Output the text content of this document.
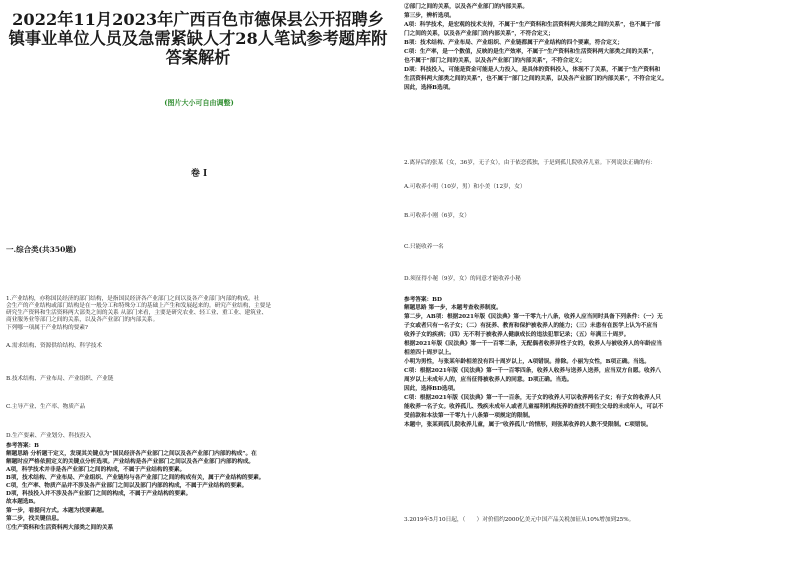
2022年11月2023年广西百色市德保县公开招聘乡镇事业单位人员及急需紧缺人才28人笔试参考题库附答案解析
(图片大小可自由调整)
卷 I
一.综合类(共350题)
1.产业结构，亦称国民经济的部门结构，是指国民经济各产业部门之间以及各产业部门内部的构成。社
会生产的产业结构或部门结构是在一般分工和特殊分工的基础上产生和发展起来的。研究产业结构，主要是
研究生产资料和生活资料两大部类之间的关系 从部门来看，主要是研究农业、轻工业、重工业、建筑业、
商业服务业等部门之间的关系，以及各产业部门的内部关系。
下列哪一项属于产业结构的要素?
A.需求结构、资源供给结构、科学技术
B.技术结构、产业布局、产业组织、产业链
C.主导产业、生产率、物质产品
D.生产要素、产业划分、科技投入
参考答案：B
解题思路 分析题干定义，发现其关键点为“国民经济各产业部门之间以及各产业部门内部的构成”。在
解题时应严格依照定义的关键点分析选项。产业结构是各产业部门之间以及各产业部门内部的构成。
A项，科学技术并非是各产业部门之间的构成，不属于产业结构的要素。
B项，技术结构、产业布局、产业组织、产业链均与各产业部门之间的构成有关，属于产业结构的要素。
C项，生产率、物质产品并不涉及各产业部门之间以及部门内部的构成，不属于产业结构的要素。
D项，科技投入并不涉及各产业部门之间的构成，不属于产业结构的要素。
故本题选B。
第一步，看提问方式。本题为找要素题。
第二步，找关键信息。
①生产资料和生活资料两大部类之间的关系
②部门之间的关系，以及各产业部门的内部关系。
第三步，辨析选项。
A项：科学技术，是宏观的技术支持，不属于“生产资料和生活资料两大部类之间的关系”，也不属于“部
门之间的关系，以及各产业部门的内部关系”，不符合定义；
B项：技术结构、产业布局、产业组织、产业链都属于产业结构的四个要素，符合定义；
C项：生产率，是一个数值，反映的是生产效率，不属于“生产资料和生活资料两大部类之间的关系”，
也不属于“部门之间的关系，以及各产业部门的内部关系”，不符合定义；
D项：科技投入，可能是资金可能是人力投入，是具体的资料投入，体现不了关系，不属于“生产资料和
生活资料两大部类之间的关系”，也不属于“部门之间的关系，以及各产业部门的内部关系”，不符合定义。
因此，选择B选项。
2.离异后的张某（女，36岁，无子女），由于依恋孤独，于是到孤儿院收养儿童。下列说法正确的有：
A.可收养小明（10岁，男）和小美（12岁，女）
B.可收养小刚（6岁，女）
C.只能收养一名
D.须征得小秘（9岁，女）的同意才能收养小秘
参考答案：BD
解题思路 第一步，本题考查收养制度。
第二步，AB项：根据2021年版《民法典》第一千零九十八条，收养人应当同时具备下列条件：（一）无
子女或者只有一名子女；（二）有抚养、教育和保护被收养人的能力；（三）未患有在医学上认为不应当
收养子女的疾病；（四）无不利于被收养人健康成长的违法犯罪记录；（五）年满三十周岁。
根据2021年版《民法典》第一千一百零二条，无配偶者收养异性子女的，收养人与被收养人的年龄应当
相差四十周岁以上。
小明为男性，与张某年龄相差没有四十周岁以上，A项错误。排除。小丽为女性，B项正确。当选。
C项：根据2021年版《民法典》第一千一百零四条，收养人收养与送养人送养，应当双方自愿。收养八
周岁以上未成年人的，应当征得被收养人的同意。D项正确。当选。
因此，选择BD选项。
C项：根据2021年版《民法典》第一千一百条，无子女的收养人可以收养两名子女；有子女的收养人只
能收养一名子女。收养孤儿、残疾未成年人或者儿童福利机构抚养的查找不到生父母的未成年人，可以不
受前款和本法第一千零九十八条第一项规定的限制。
本题中，张某到孤儿院收养儿童，属于“收养孤儿”的情形，则张某收养的人数不受限制。C项错误。
3.2019年5月10日起，（　　）对价值约2000亿美元中国产品关税加征从10%增加到25%。
